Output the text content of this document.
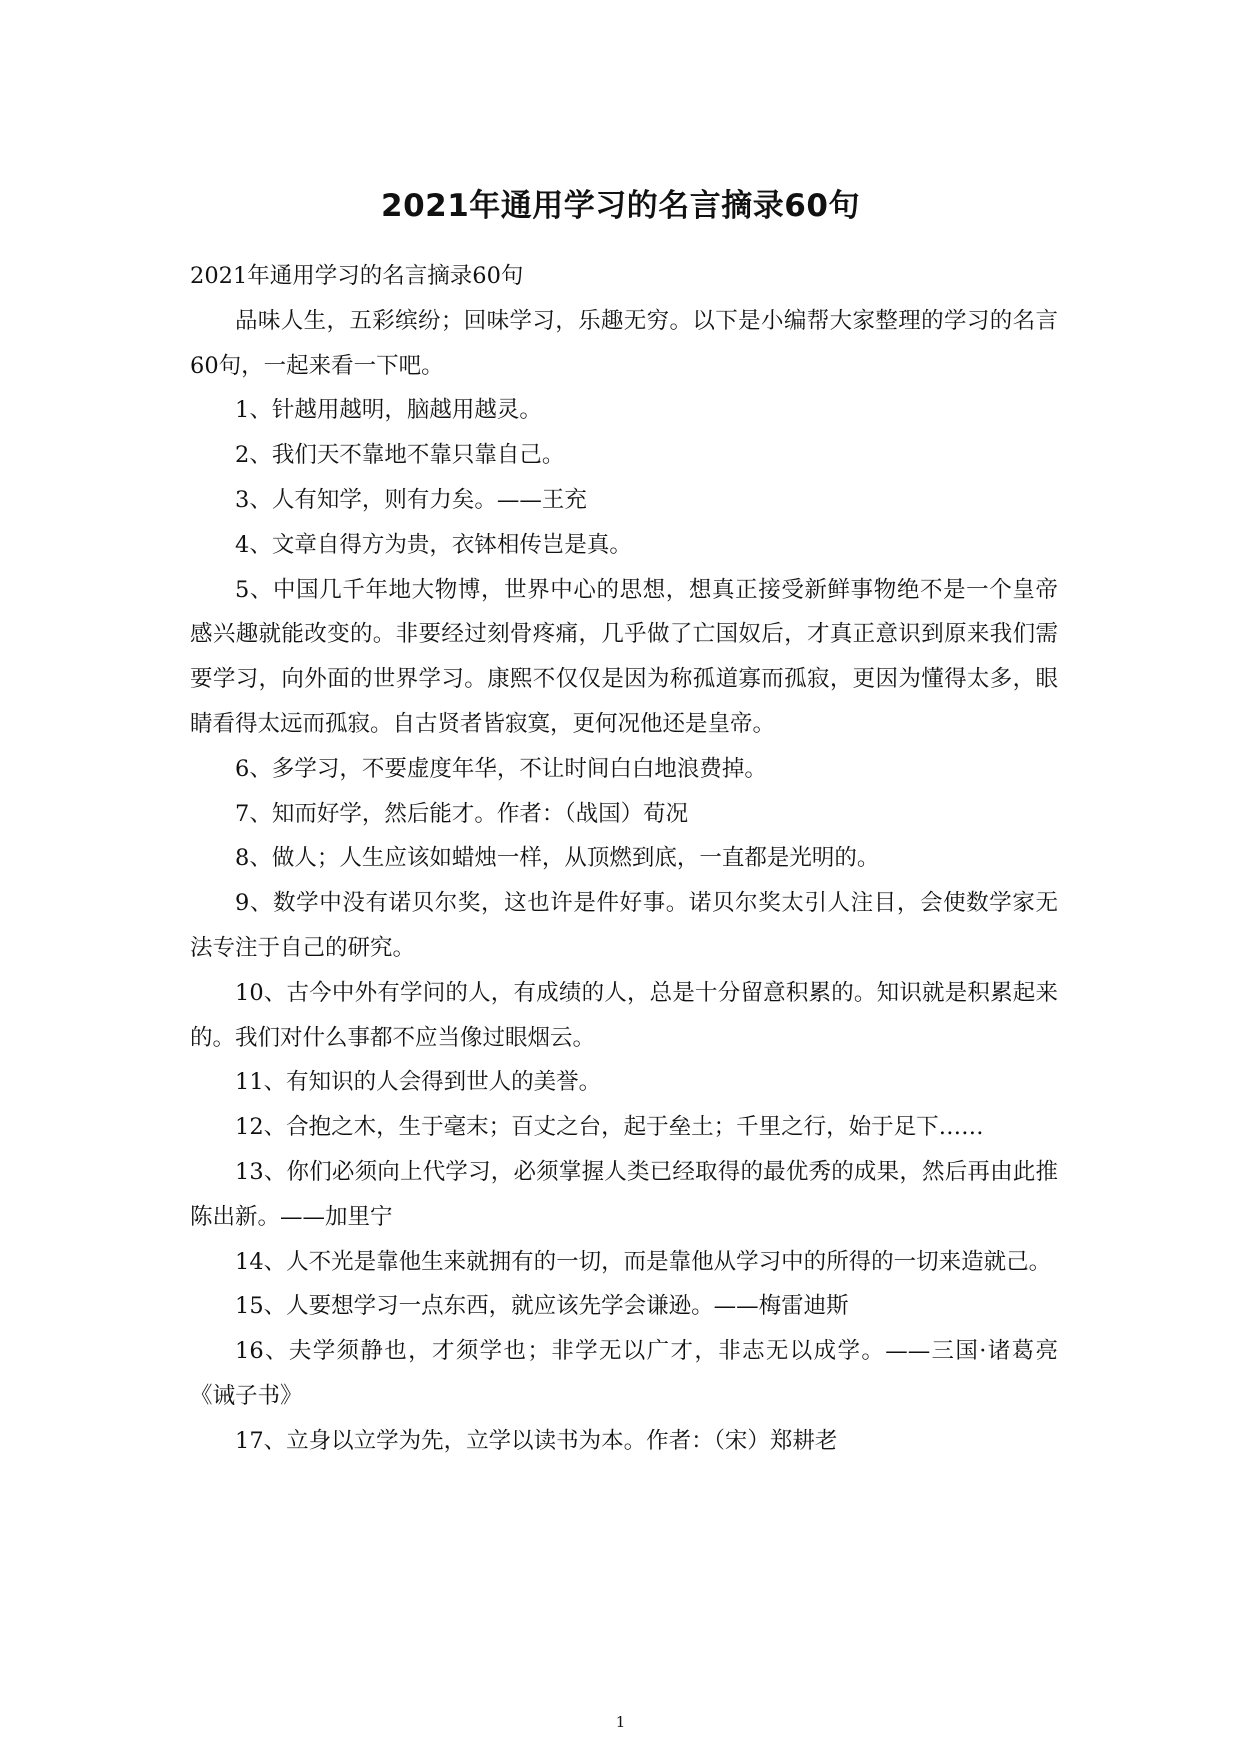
2021年通用学习的名言摘录60句

2021年通用学习的名言摘录60句

品味人生，五彩缤纷；回味学习，乐趣无穷。以下是小编帮大家整理的学习的名言60句，一起来看一下吧。

1、针越用越明，脑越用越灵。

2、我们天不靠地不靠只靠自己。

3、人有知学，则有力矣。——王充

4、文章自得方为贵，衣钵相传岂是真。

5、中国几千年地大物博，世界中心的思想，想真正接受新鲜事物绝不是一个皇帝感兴趣就能改变的。非要经过刻骨疼痛，几乎做了亡国奴后，才真正意识到原来我们需要学习，向外面的世界学习。康熙不仅仅是因为称孤道寡而孤寂，更因为懂得太多，眼睛看得太远而孤寂。自古贤者皆寂寞，更何况他还是皇帝。

6、多学习，不要虚度年华，不让时间白白地浪费掉。

7、知而好学，然后能才。作者：（战国）荀况

8、做人；人生应该如蜡烛一样，从顶燃到底，一直都是光明的。

9、数学中没有诺贝尔奖，这也许是件好事。诺贝尔奖太引人注目，会使数学家无法专注于自己的研究。

10、古今中外有学问的人，有成绩的人，总是十分留意积累的。知识就是积累起来的。我们对什么事都不应当像过眼烟云。

11、有知识的人会得到世人的美誉。

12、合抱之木，生于毫末；百丈之台，起于垒土；千里之行，始于足下……

13、你们必须向上代学习，必须掌握人类已经取得的最优秀的成果，然后再由此推陈出新。——加里宁

14、人不光是靠他生来就拥有的一切，而是靠他从学习中的所得的一切来造就己。

15、人要想学习一点东西，就应该先学会谦逊。——梅雷迪斯

16、夫学须静也，才须学也；非学无以广才，非志无以成学。——三国·诸葛亮《诫子书》

17、立身以立学为先，立学以读书为本。作者：（宋）郑耕老

1
